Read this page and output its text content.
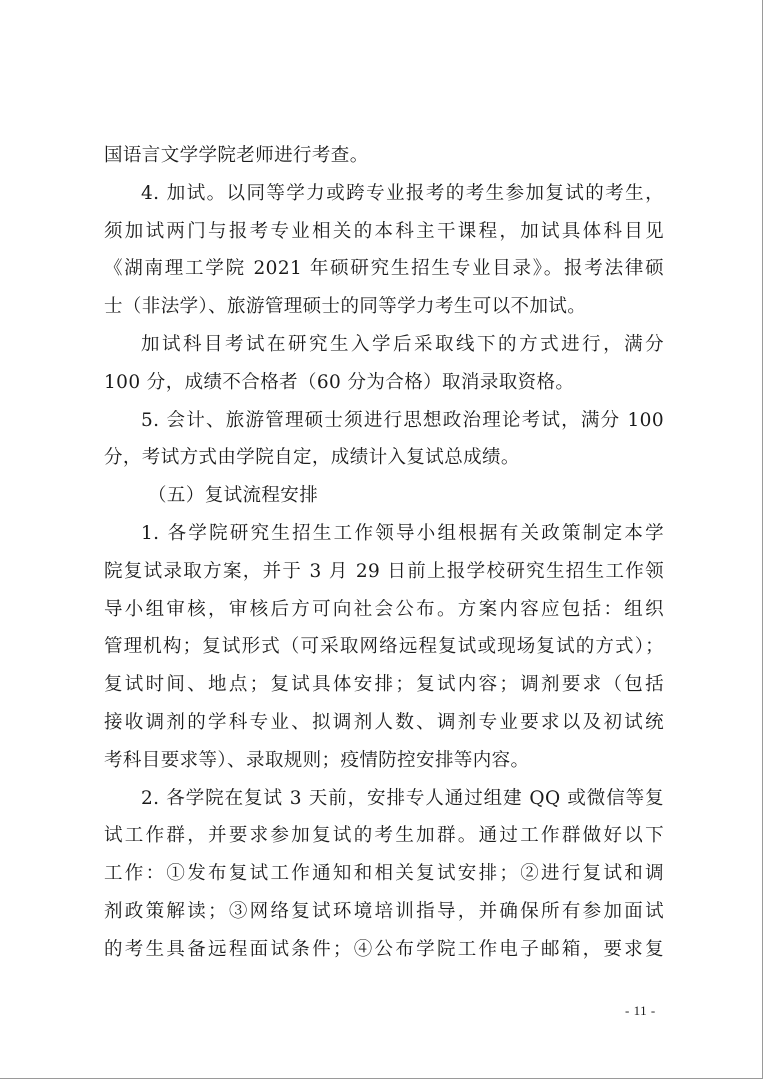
国语言文学学院老师进行考查。
4. 加试。以同等学力或跨专业报考的考生参加复试的考生，
须加试两门与报考专业相关的本科主干课程，加试具体科目见
《湖南理工学院 2021 年硕研究生招生专业目录》。报考法律硕
士（非法学）、旅游管理硕士的同等学力考生可以不加试。
加试科目考试在研究生入学后采取线下的方式进行，满分
100 分，成绩不合格者（60 分为合格）取消录取资格。
5. 会计、旅游管理硕士须进行思想政治理论考试，满分 100
分，考试方式由学院自定，成绩计入复试总成绩。
（五）复试流程安排
1. 各学院研究生招生工作领导小组根据有关政策制定本学
院复试录取方案，并于 3 月 29 日前上报学校研究生招生工作领
导小组审核，审核后方可向社会公布。方案内容应包括：组织
管理机构；复试形式（可采取网络远程复试或现场复试的方式）；
复试时间、地点；复试具体安排；复试内容；调剂要求（包括
接收调剂的学科专业、拟调剂人数、调剂专业要求以及初试统
考科目要求等）、录取规则；疫情防控安排等内容。
2. 各学院在复试 3 天前，安排专人通过组建 QQ 或微信等复
试工作群，并要求参加复试的考生加群。通过工作群做好以下
工作：①发布复试工作通知和相关复试安排；②进行复试和调
剂政策解读；③网络复试环境培训指导，并确保所有参加面试
的考生具备远程面试条件；④公布学院工作电子邮箱，要求复
- 11 -
